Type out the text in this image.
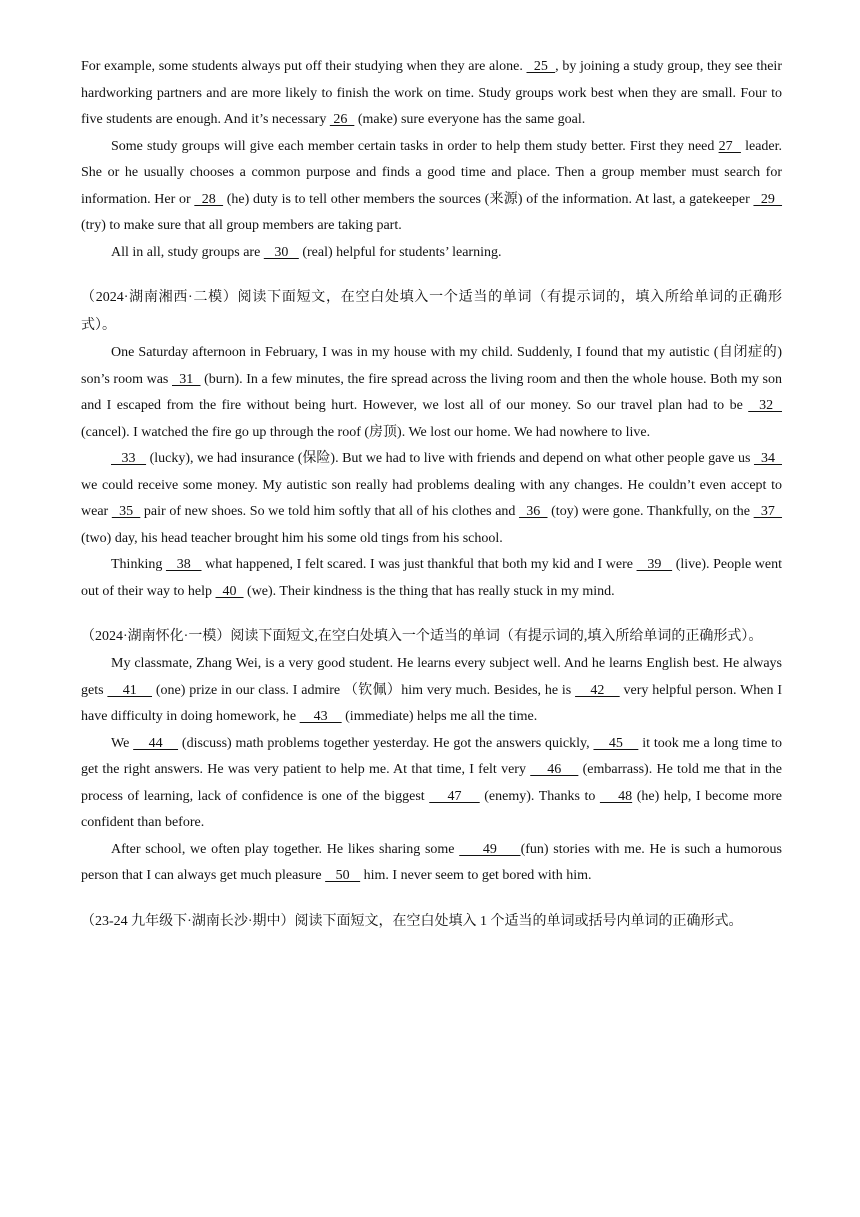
For example, some students always put off their studying when they are alone.   25  , by joining a study group, they see their hardworking partners and are more likely to finish the work on time. Study groups work best when they are small. Four to five students are enough. And it’s necessary  26   (make) sure everyone has the same goal.

Some study groups will give each member certain tasks in order to help them study better. First they need 27   leader. She or he usually chooses a common purpose and finds a good time and place. Then a group member must search for information. Her or   28   (he) duty is to tell other members the sources (来源) of the information. At last, a gatekeeper   29   (try) to make sure that all group members are taking part.

All in all, study groups are    30    (real) helpful for students’ learning.

（2024·湖南湘西·二模）阅读下面短文，在空白处填入一个适当的单词（有提示词的，填入所给单词的正确形式）。

One Saturday afternoon in February, I was in my house with my child. Suddenly, I found that my autistic (自闭症的) son’s room was   31   (burn). In a few minutes, the fire spread across the living room and then the whole house. Both my son and I escaped from the fire without being hurt. However, we lost all of our money. So our travel plan had to be   32   (cancel). I watched the fire go up through the roof (房顶). We lost our home. We had nowhere to live.

33    (lucky), we had insurance (保险). But we had to live with friends and depend on what other people gave us   34   we could receive some money. My autistic son really had problems dealing with any changes. He couldn’t even accept to wear   35   pair of new shoes. So we told him softly that all of his clothes and   36   (toy) were gone. Thankfully, on the   37   (two) day, his head teacher brought him his some old tings from his school.

Thinking    38    what happened, I felt scared. I was just thankful that both my kid and I were    39    (live). People went out of their way to help   40   (we). Their kindness is the thing that has really stuck in my mind.

（2024·湖南怀化·一模）阅读下面短文,在空白处填入一个适当的单词（有提示词的,填入所给单词的正确形式）。

My classmate, Zhang Wei, is a very good student. He learns every subject well. And he learns English best. He always gets     41     (one) prize in our class. I admire （钦佩）him very much. Besides, he is     42     very helpful person. When I have difficulty in doing homework, he     43     (immediate) helps me all the time.

We     44     (discuss) math problems together yesterday. He got the answers quickly,     45     it took me a long time to get the right answers. He was very patient to help me. At that time, I felt very     46     (embarrass). He told me that in the process of learning, lack of confidence is one of the biggest     47     (enemy). Thanks to     48 (he) help, I become more confident than before.

After school, we often play together. He likes sharing some      49     (fun) stories with me. He is such a humorous person that I can always get much pleasure    50    him. I never seem to get bored with him.

（23-24 九年级下·湖南长沙·期中）阅读下面短文，在空白处填入 1 个适当的单词或括号内单词的正确形式。
